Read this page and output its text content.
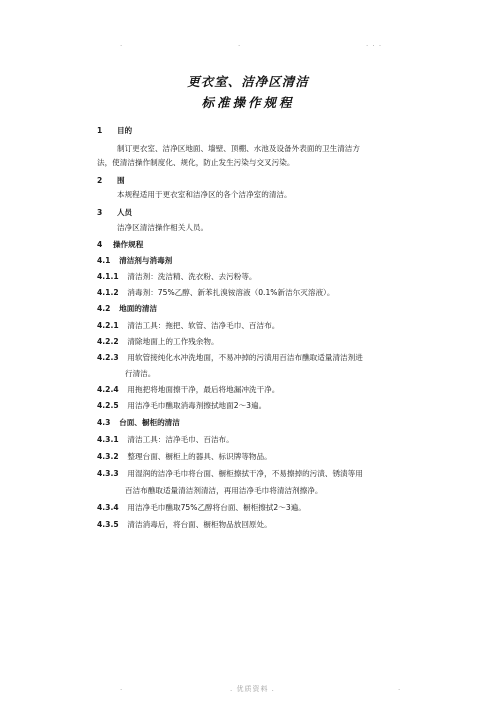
.	.	. . .
更衣室、洁净区清洁
标准操作规程
1 目的
制订更衣室、洁净区地面、墙壁、顶棚、水池及设备外表面的卫生清洁方
法，使清洁操作制度化、规化，防止发生污染与交叉污染。
2 围
本规程适用于更衣室和洁净区的各个洁净室的清洁。
3 人员
洁净区清洁操作相关人员。
4 操作规程
4.1 清洁剂与消毒剂
4.1.1 清洁剂：洗洁精、洗衣粉、去污粉等。
4.1.2 消毒剂：75%乙醇、新苯扎溴铵溶液（0.1%新洁尔灭溶液）。
4.2 地面的清洁
4.2.1 清洁工具：拖把、软管、洁净毛巾、百洁布。
4.2.2 清除地面上的工作残余物。
4.2.3 用软管接纯化水冲洗地面，不易冲掉的污渍用百洁布醮取适量清洁剂进
行清洁。
4.2.4 用拖把将地面擦干净，最后将地漏冲洗干净。
4.2.5 用洁净毛巾醮取消毒剂擦拭地面2～3遍。
4.3 台面、橱柜的清洁
4.3.1 清洁工具：洁净毛巾、百洁布。
4.3.2 整理台面、橱柜上的器具、标识牌等物品。
4.3.3 用湿润的洁净毛巾将台面、橱柜擦拭干净，不易擦掉的污渍、锈渍等用
百洁布醮取适量清洁剂清洁，再用洁净毛巾将清洁剂擦净。
4.3.4 用洁净毛巾醮取75%乙醇将台面、橱柜擦拭2～3遍。
4.3.5 清洁消毒后，将台面、橱柜物品放回原处。
.	. 优质资料 .	.
